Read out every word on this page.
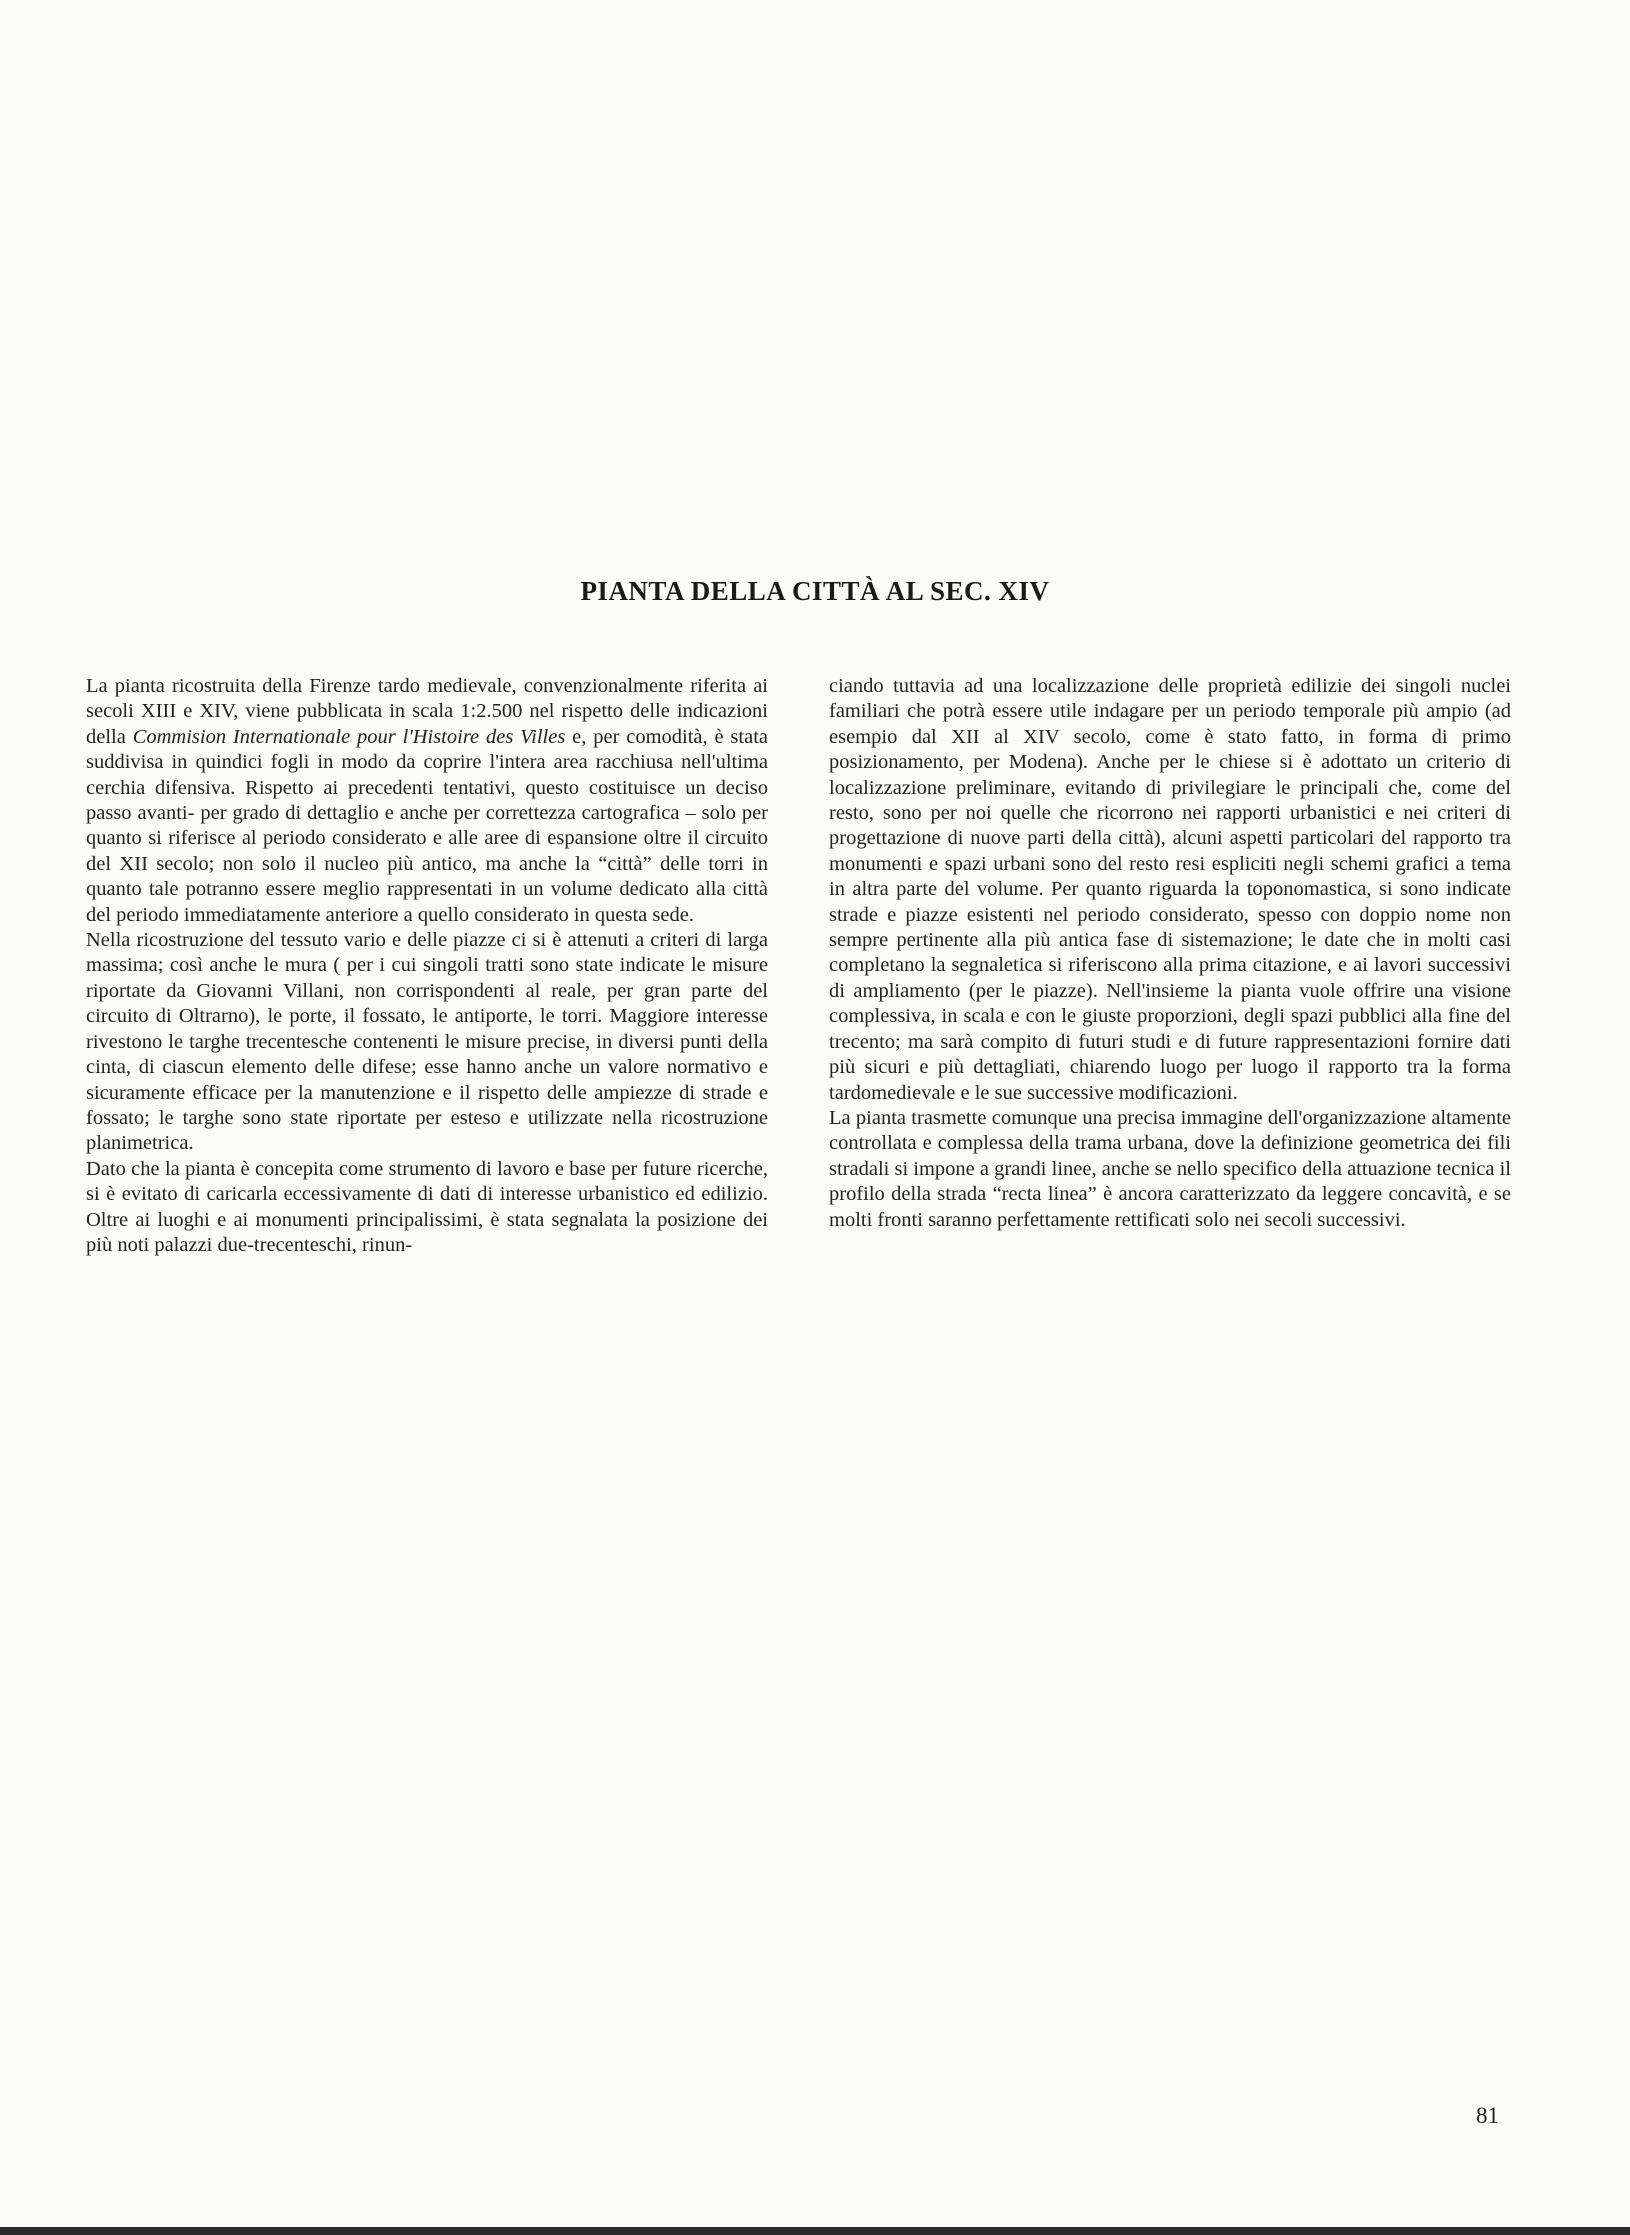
PIANTA DELLA CITTÀ AL SEC. XIV

La pianta ricostruita della Firenze tardo medievale, convenzionalmente riferita ai secoli XIII e XIV, viene pubblicata in scala 1:2.500 nel rispetto delle indicazioni della Commision Internationale pour l'Histoire des Villes e, per comodità, è stata suddivisa in quindici fogli in modo da coprire l'intera area racchiusa nell'ultima cerchia difensiva. Rispetto ai precedenti tentativi, questo costituisce un deciso passo avanti- per grado di dettaglio e anche per correttezza cartografica – solo per quanto si riferisce al periodo considerato e alle aree di espansione oltre il circuito del XII secolo; non solo il nucleo più antico, ma anche la “città” delle torri in quanto tale potranno essere meglio rappresentati in un volume dedicato alla città del periodo immediatamente anteriore a quello considerato in questa sede.

Nella ricostruzione del tessuto vario e delle piazze ci si è attenuti a criteri di larga massima; così anche le mura ( per i cui singoli tratti sono state indicate le misure riportate da Giovanni Villani, non corrispondenti al reale, per gran parte del circuito di Oltrarno), le porte, il fossato, le antiporte, le torri. Maggiore interesse rivestono le targhe trecentesche contenenti le misure precise, in diversi punti della cinta, di ciascun elemento delle difese; esse hanno anche un valore normativo e sicuramente efficace per la manutenzione e il rispetto delle ampiezze di strade e fossato; le targhe sono state riportate per esteso e utilizzate nella ricostruzione planimetrica.

Dato che la pianta è concepita come strumento di lavoro e base per future ricerche, si è evitato di caricarla eccessivamente di dati di interesse urbanistico ed edilizio. Oltre ai luoghi e ai monumenti principalissimi, è stata segnalata la posizione dei più noti palazzi due-trecenteschi, rinun-

ciando tuttavia ad una localizzazione delle proprietà edilizie dei singoli nuclei familiari che potrà essere utile indagare per un periodo temporale più ampio (ad esempio dal XII al XIV secolo, come è stato fatto, in forma di primo posizionamento, per Modena). Anche per le chiese si è adottato un criterio di localizzazione preliminare, evitando di privilegiare le principali che, come del resto, sono per noi quelle che ricorrono nei rapporti urbanistici e nei criteri di progettazione di nuove parti della città), alcuni aspetti particolari del rapporto tra monumenti e spazi urbani sono del resto resi espliciti negli schemi grafici a tema in altra parte del volume. Per quanto riguarda la toponomastica, si sono indicate strade e piazze esistenti nel periodo considerato, spesso con doppio nome non sempre pertinente alla più antica fase di sistemazione; le date che in molti casi completano la segnaletica si riferiscono alla prima citazione, e ai lavori successivi di ampliamento (per le piazze). Nell'insieme la pianta vuole offrire una visione complessiva, in scala e con le giuste proporzioni, degli spazi pubblici alla fine del trecento; ma sarà compito di futuri studi e di future rappresentazioni fornire dati più sicuri e più dettagliati, chiarendo luogo per luogo il rapporto tra la forma tardomedievale e le sue successive modificazioni.

La pianta trasmette comunque una precisa immagine dell'organizzazione altamente controllata e complessa della trama urbana, dove la definizione geometrica dei fili stradali si impone a grandi linee, anche se nello specifico della attuazione tecnica il profilo della strada “recta linea” è ancora caratterizzato da leggere concavità, e se molti fronti saranno perfettamente rettificati solo nei secoli successivi.

81
